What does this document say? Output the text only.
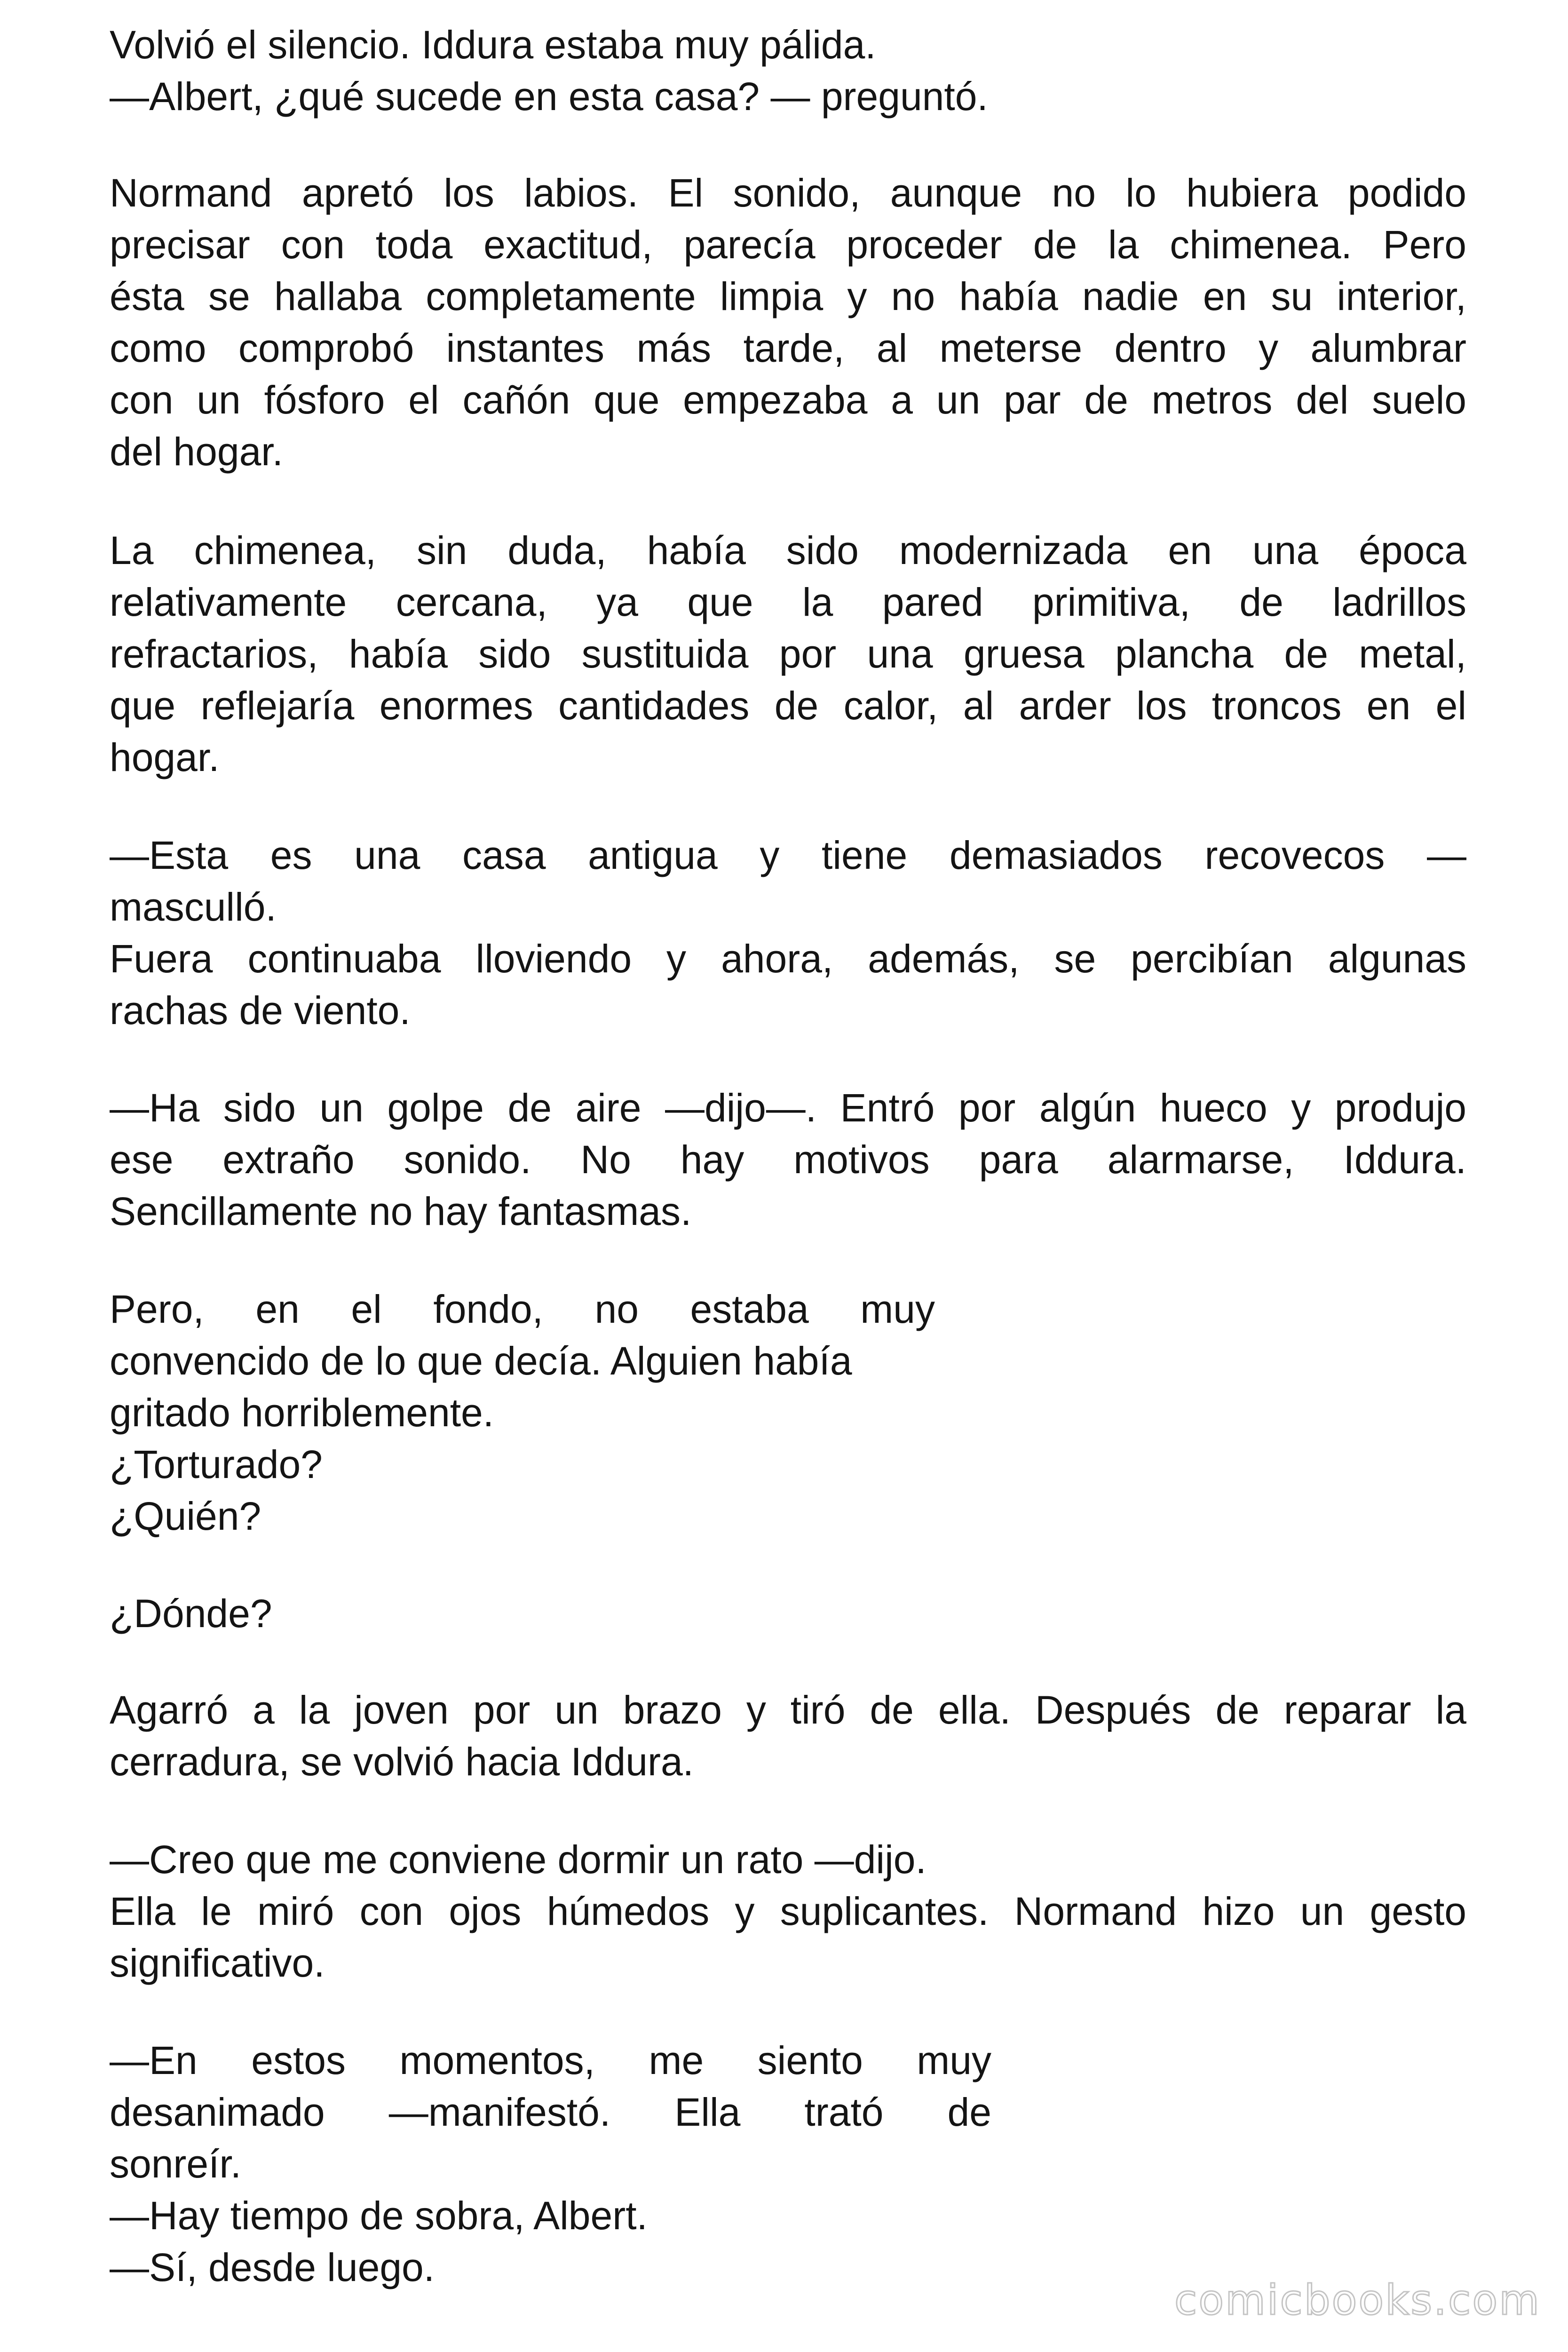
Volvió el silencio. Iddura estaba muy pálida.

—Albert, ¿qué sucede en esta casa? — preguntó.

Normand apretó los labios. El sonido, aunque no lo hubiera podido

precisar con toda exactitud, parecía proceder de la chimenea. Pero

ésta se hallaba completamente limpia y no había nadie en su interior,

como comprobó instantes más tarde, al meterse dentro y alumbrar

con un fósforo el cañón que empezaba a un par de metros del suelo

del hogar.

La chimenea, sin duda, había sido modernizada en una época

relativamente cercana, ya que la pared primitiva, de ladrillos

refractarios, había sido sustituida por una gruesa plancha de metal,

que reflejaría enormes cantidades de calor, al arder los troncos en el

hogar.

—Esta es una casa antigua y tiene demasiados recovecos —

masculló.

Fuera continuaba lloviendo y ahora, además, se percibían algunas

rachas de viento.

—Ha sido un golpe de aire —dijo—. Entró por algún hueco y produjo

ese extraño sonido. No hay motivos para alarmarse, Iddura.

Sencillamente no hay fantasmas.

Pero, en el fondo, no estaba muy

convencido de lo que decía. Alguien había

gritado horriblemente.

¿Torturado?

¿Quién?

¿Dónde?

Agarró a la joven por un brazo y tiró de ella. Después de reparar la

cerradura, se volvió hacia Iddura.

—Creo que me conviene dormir un rato —dijo.

Ella le miró con ojos húmedos y suplicantes. Normand hizo un gesto

significativo.

—En estos momentos, me siento muy

desanimado —manifestó. Ella trató de

sonreír.

—Hay tiempo de sobra, Albert.

—Sí, desde luego.

comicbooks.com
